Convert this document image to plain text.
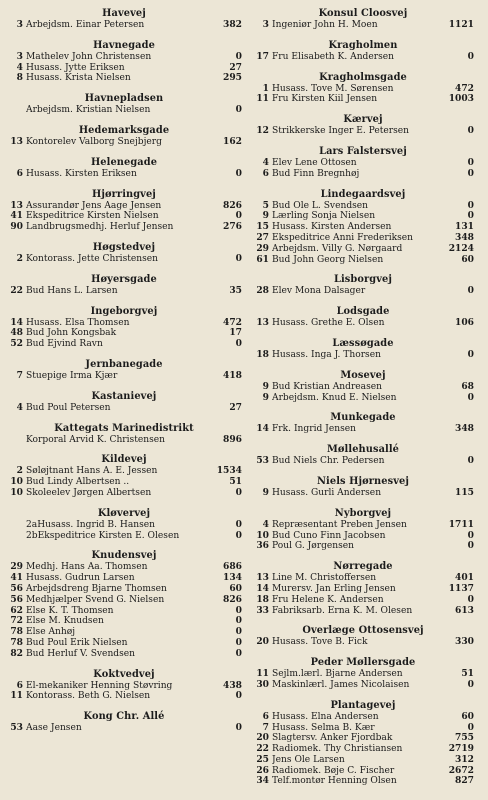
Havevej
3 Arbejdsm. Einar Petersen	382
Havnegade
3 Mathelev John Christensen	0
4 Husass. Jytte Eriksen	27
8 Husass. Krista Nielsen	295
Havnepladsen
Arbejdsm. Kristian Nielsen	0
Hedemarksgade
13 Kontorelev Valborg Snejbjerg	162
Helenegade
6 Husass. Kirsten Eriksen	0
Hjørringvej
13 Assurandør Jens Aage Jensen	826
41 Ekspeditrice Kirsten Nielsen	0
90 Landbrugsmedhj. Herluf Jensen	276
Høgstedvej
2 Kontorass. Jette Christensen	0
Høyersgade
22 Bud Hans L. Larsen	35
Ingeborgvej
14 Husass. Elsa Thomsen	472
48 Bud John Kongsbak	17
52 Bud Ejvind Ravn	0
Jernbanegade
7 Stuepige Irma Kjær	418
Kastanievej
4 Bud Poul Petersen	27
Kattegats Marinedistrikt
Korporal Arvid K. Christensen	896
Kildevej
2 Søløjtnant Hans A. E. Jessen	1534
10 Bud Lindy Albertsen ..	51
10 Skoleelev Jørgen Albertsen	0
Kløvervej
2aHusass. Ingrid B. Hansen	0
2bEkspeditrice Kirsten E. Olesen	0
Knudensvej
29 Medhj. Hans Aa. Thomsen	686
41 Husass. Gudrun Larsen	134
56 Arbejdsdreng Bjarne Thomsen	60
56 Medhjælper Svend G. Nielsen	826
62 Else K. T. Thomsen	0
72 Else M. Knudsen	0
78 Else Anhøj	0
78 Bud Poul Erik Nielsen	0
82 Bud Herluf V. Svendsen	0
Koktvedvej
6 El-mekaniker Henning Støvring	438
11 Kontorass. Beth G. Nielsen	0
Kong Chr. Allé
53 Aase Jensen	0
Konsul Cloosvej
3 Ingeniør John H. Moen	1121
Kragholmen
17 Fru Elisabeth K. Andersen	0
Kragholmsgade
1 Husass. Tove M. Sørensen	472
11 Fru Kirsten Kiil Jensen	1003
Kærvej
12 Strikkerske Inger E. Petersen	0
Lars Falstersvej
4 Elev Lene Ottosen	0
6 Bud Finn Bregnhøj	0
Lindegaardsvej
5 Bud Ole L. Svendsen	0
9 Lærling Sonja Nielsen	0
15 Husass. Kirsten Andersen	131
27 Ekspeditrice Anni Frederiksen	348
29 Arbejdsm. Villy G. Nørgaard	2124
61 Bud John Georg Nielsen	60
Lisborgvej
28 Elev Mona Dalsager	0
Lodsgade
13 Husass. Grethe E. Olsen	106
Læssøgade
18 Husass. Inga J. Thorsen	0
Mosevej
9 Bud Kristian Andreasen	68
9 Arbejdsm. Knud E. Nielsen	0
Munkegade
14 Frk. Ingrid Jensen	348
Møllehusallé
53 Bud Niels Chr. Pedersen	0
Niels Hjørnesvej
9 Husass. Gurli Andersen	115
Nyborgvej
4 Repræsentant Preben Jensen	1711
10 Bud Cuno Finn Jacobsen	0
36 Poul G. Jørgensen	0
Nørregade
13 Line M. Christoffersen	401
14 Murersv. Jan Erling Jensen	1137
18 Fru Helene K. Andersen	0
33 Fabriksarb. Erna K. M. Olesen	613
Overlæge Ottosensvej
20 Husass. Tove B. Fick	330
Peder Møllersgade
11 Sejlm.lærl. Bjarne Andersen	51
30 Maskinlærl. James Nicolaisen	0
Plantagevej
6 Husass. Elna Andersen	60
7 Husass. Selma B. Kær	0
20 Slagtersv. Anker Fjordbak	755
22 Radiomek. Thy Christiansen	2719
25 Jens Ole Larsen	312
26 Radiomek. Bøje C. Fischer	2672
34 Telf.montør Henning Olsen	827
